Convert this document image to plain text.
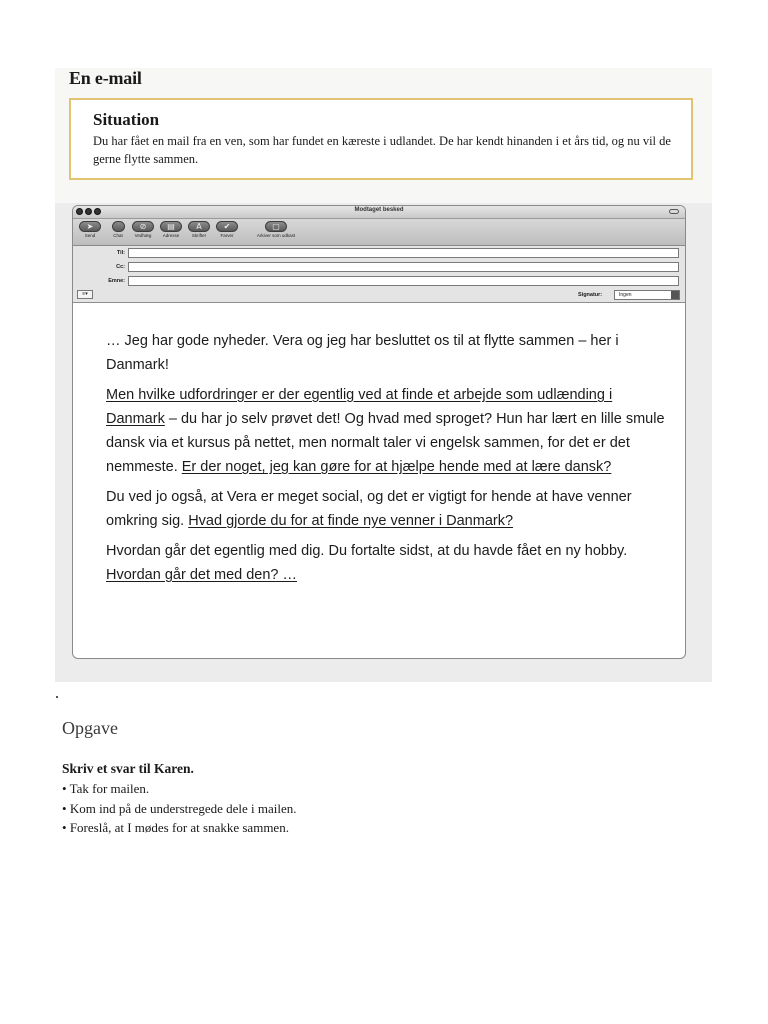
En e-mail
Situation

Du har fået en mail fra en ven, som har fundet en kæreste i udlandet. De har kendt hinanden i et års tid, og nu vil de gerne flytte sammen.

Modtaget besked
➤
Send	Chat
⊘
Vedhæg
▤
Adresse
A
Skrifter
✔
Farver
▢
Arkiver som udkast
Til:
Cc:
Emne:
≡▾	Signatur:	Ingen

… Jeg har gode nyheder. Vera og jeg har besluttet os til at flytte sammen – her i Danmark!

Men hvilke udfordringer er der egentlig ved at finde et arbejde som udlænding i Danmark – du har jo selv prøvet det! Og hvad med sproget? Hun har lært en lille smule dansk via et kursus på nettet, men normalt taler vi engelsk sammen, for det er det nemmeste. Er der noget, jeg kan gøre for at hjælpe hende med at lære dansk?

Du ved jo også, at Vera er meget social, og det er vigtigt for hende at have venner omkring sig. Hvad gjorde du for at finde nye venner i Danmark?

Hvordan går det egentlig med dig. Du fortalte sidst, at du havde fået en ny hobby. Hvordan går det med den? …

Opgave
Skriv et svar til Karen.
• Tak for mailen.
• Kom ind på de understregede dele i mailen.
• Foreslå, at I mødes for at snakke sammen.
